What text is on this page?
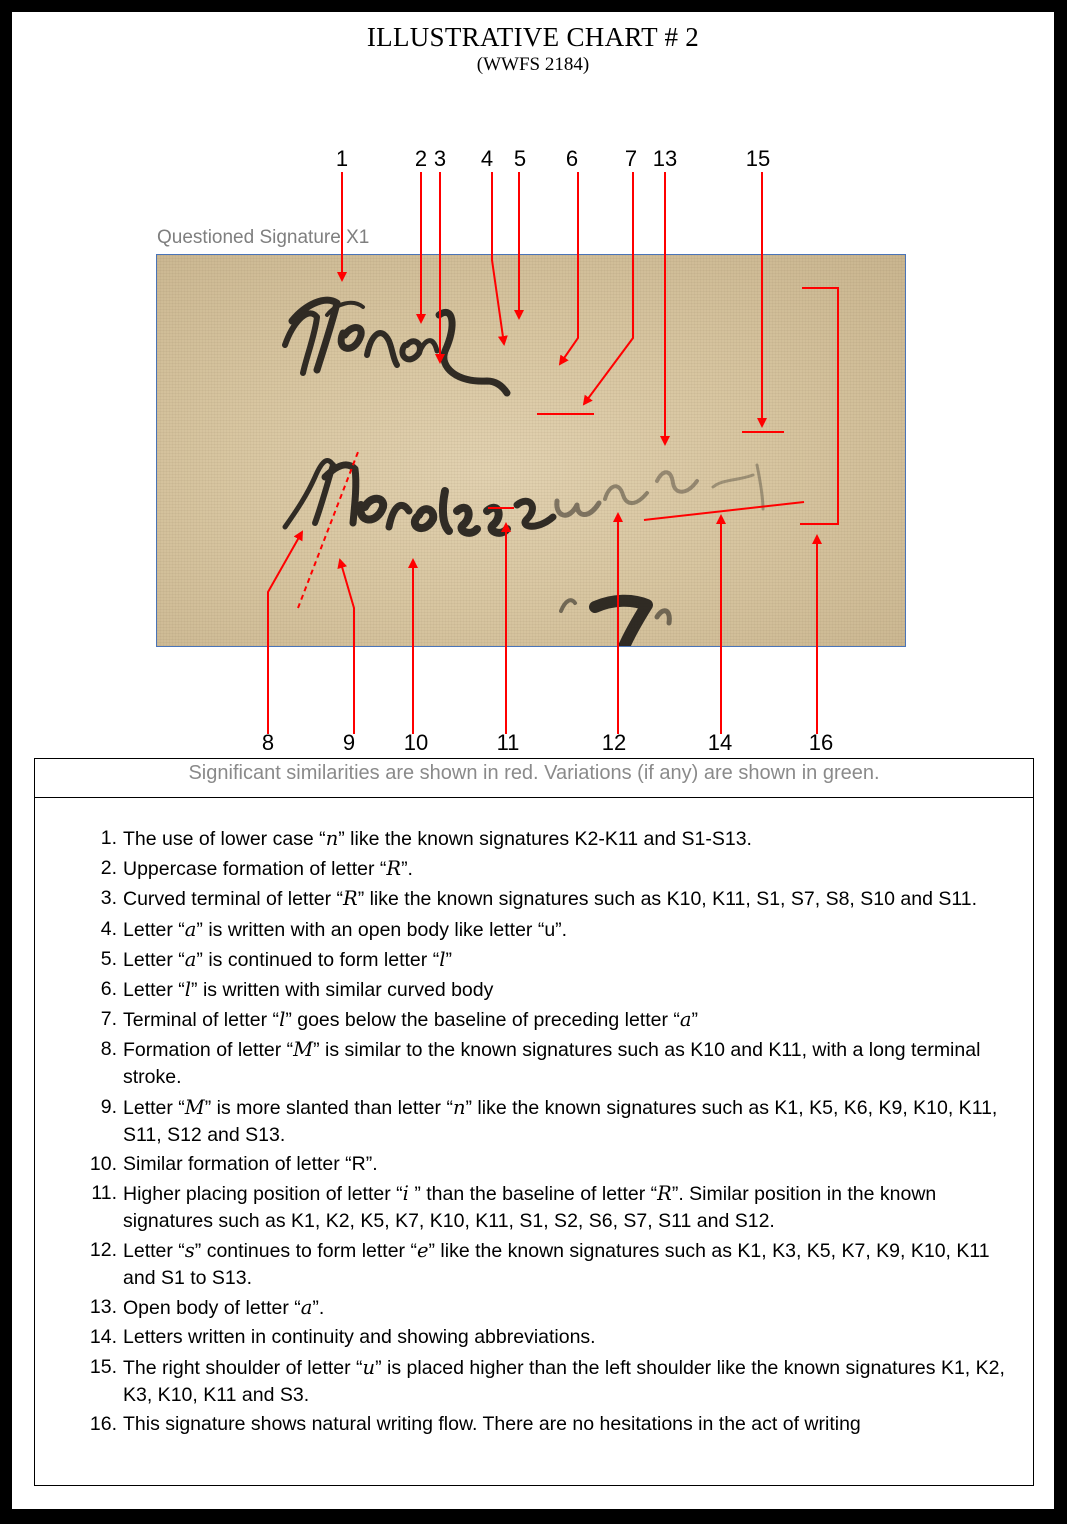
ILLUSTRATIVE CHART # 2
(WWFS 2184)
Questioned Signature X1
1	2 3 4 5 6 7 13	15
8	9 10	11	12	14	16
Significant similarities are shown in red. Variations (if any) are shown in green.
1. The use of lower case “n” like the known signatures K2-K11 and S1-S13.
2. Uppercase formation of letter “R”.
3. Curved terminal of letter “R” like the known signatures such as K10, K11, S1, S7, S8, S10 and S11.
4. Letter “a” is written with an open body like letter “u”.
5. Letter “a” is continued to form letter “l”
6. Letter “l” is written with similar curved body
7. Terminal of letter “l” goes below the baseline of preceding letter “a”
8. Formation of letter “M” is similar to the known signatures such as K10 and K11, with a long terminal stroke.
9. Letter “M” is more slanted than letter “n” like the known signatures such as K1, K5, K6, K9, K10, K11, S11, S12 and S13.
10. Similar formation of letter “R”.
11. Higher placing position of letter “i ” than the baseline of letter “R”. Similar position in the known signatures such as K1, K2, K5, K7, K10, K11, S1, S2, S6, S7, S11 and S12.
12. Letter “s” continues to form letter “e” like the known signatures such as K1, K3, K5, K7, K9, K10, K11 and S1 to S13.
13. Open body of letter “a”.
14. Letters written in continuity and showing abbreviations.
15. The right shoulder of letter “u” is placed higher than the left shoulder like the known signatures K1, K2, K3, K10, K11 and S3.
16. This signature shows natural writing flow. There are no hesitations in the act of writing
